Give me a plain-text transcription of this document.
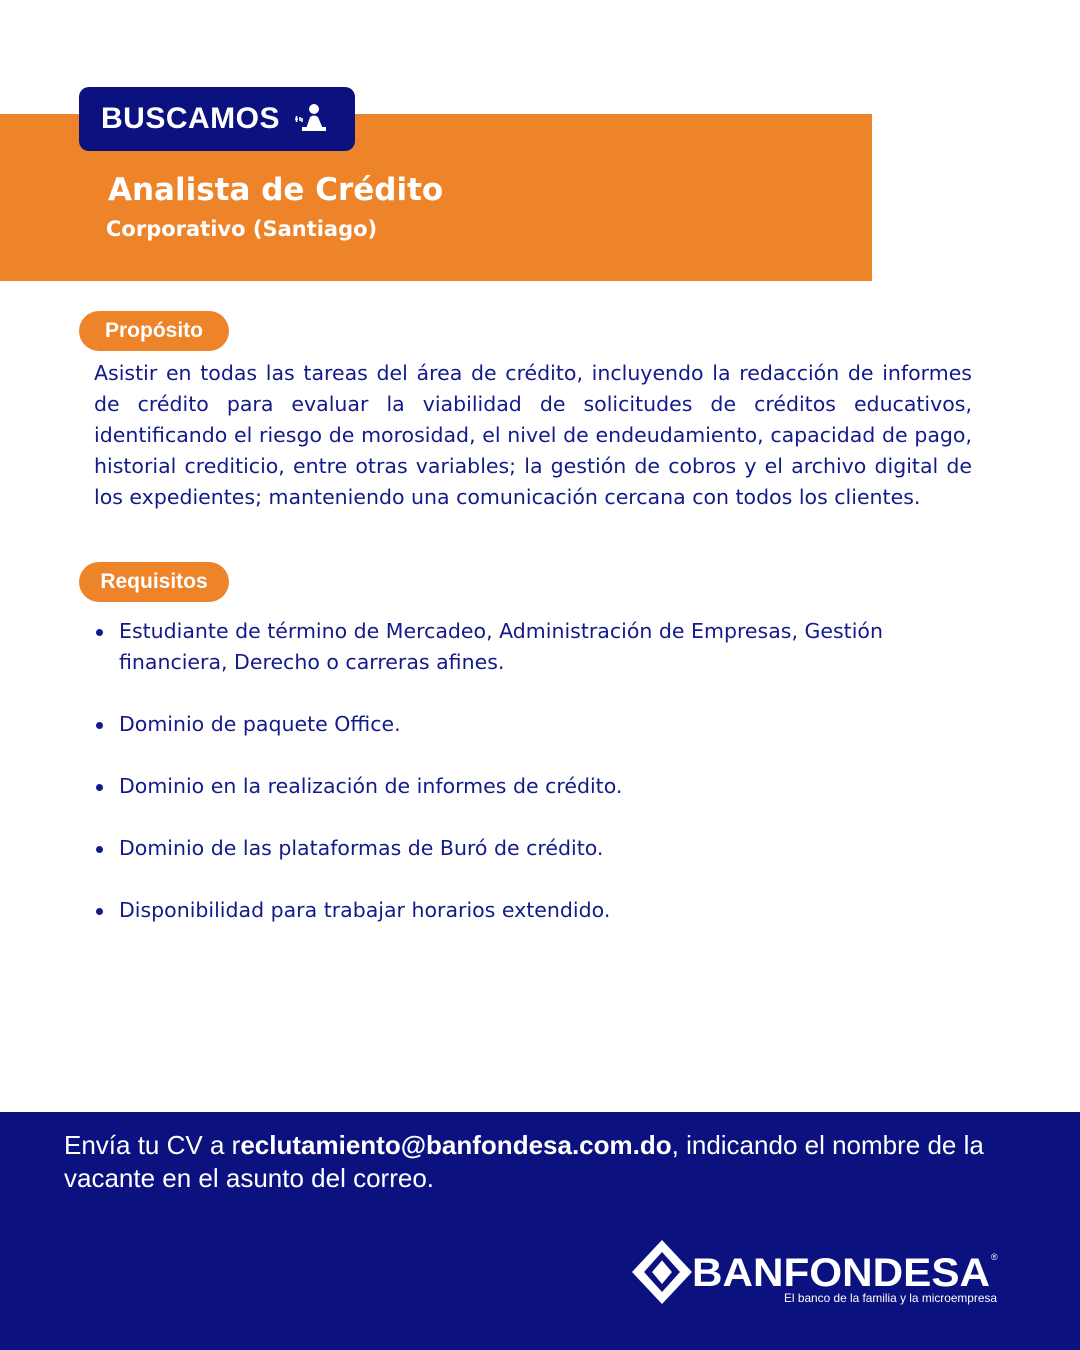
BUSCAMOS
Analista de Crédito
Corporativo (Santiago)
Propósito
Asistir en todas las tareas del área de crédito, incluyendo la redacción de informes de crédito para evaluar la viabilidad de solicitudes de créditos educativos, identificando el riesgo de morosidad, el nivel de endeudamiento, capacidad de pago, historial crediticio, entre otras variables; la gestión de cobros y el archivo digital de los expedientes; manteniendo una comunicación cercana con todos los clientes.
Requisitos
Estudiante de término de Mercadeo, Administración de Empresas, Gestión financiera, Derecho o carreras afines.
Dominio de paquete Office.
Dominio en la realización de informes de crédito.
Dominio de las plataformas de Buró de crédito.
Disponibilidad para trabajar horarios extendido.
Envía tu CV a reclutamiento@banfondesa.com.do, indicando el nombre de la vacante en el asunto del correo.
BANFONDESA ®
El banco de la familia y la microempresa
